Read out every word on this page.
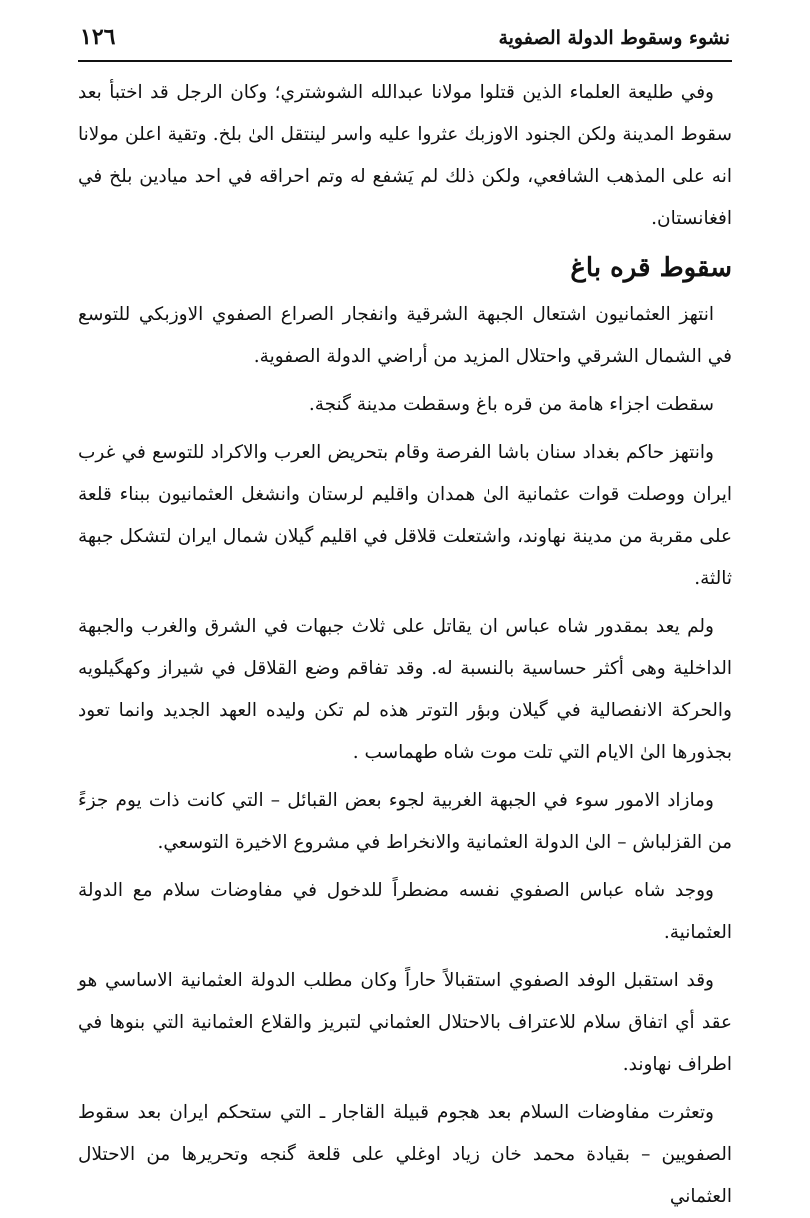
نشوء وسقوط الدولة الصفوية
١٢٦

وفي طليعة العلماء الذين قتلوا مولانا عبدالله الشوشتري؛ وكان الرجل قد اختبأ بعد سقوط المدينة ولكن الجنود الاوزبك عثروا عليه واسر لينتقل الىٰ بلخ. وتقية اعلن مولانا انه على المذهب الشافعي، ولكن ذلك لم يَشفع له وتم احراقه في احد ميادين بلخ في افغانستان.

سقوط قره باغ

انتهز العثمانيون اشتعال الجبهة الشرقية وانفجار الصراع الصفوي الاوزبكي للتوسع في الشمال الشرقي واحتلال المزيد من أراضي الدولة الصفوية.

سقطت اجزاء هامة من قره باغ وسقطت مدينة گنجة.

وانتهز حاكم بغداد سنان باشا الفرصة وقام بتحريض العرب والاكراد للتوسع في غرب ايران ووصلت قوات عثمانية الىٰ همدان واقليم لرستان وانشغل العثمانيون ببناء قلعة على مقربة من مدينة نهاوند، واشتعلت قلاقل في اقليم گيلان شمال ايران لتشكل جبهة ثالثة.

ولم يعد بمقدور شاه عباس ان يقاتل على ثلاث جبهات في الشرق والغرب والجبهة الداخلية وهى أكثر حساسية بالنسبة له. وقد تفاقم وضع القلاقل في شيراز وكهگيلويه والحركة الانفصالية في گيلان وبؤر التوتر هذه لم تكن وليده العهد الجديد وانما تعود بجذورها الىٰ الايام التي تلت موت شاه طهماسب .

ومازاد الامور سوء في الجبهة الغربية لجوء بعض القبائل – التي كانت ذات يوم جزءً من القزلباش – الىٰ الدولة العثمانية والانخراط في مشروع الاخيرة التوسعي.

ووجد شاه عباس الصفوي نفسه مضطراً للدخول في مفاوضات سلام مع الدولة العثمانية.

وقد استقبل الوفد الصفوي استقبالاً حاراً وكان مطلب الدولة العثمانية الاساسي هو عقد أي اتفاق سلام للاعتراف بالاحتلال العثماني لتبريز والقلاع العثمانية التي بنوها في اطراف نهاوند.

وتعثرت مفاوضات السلام بعد هجوم قبيلة القاجار ـ التي ستحكم ايران بعد سقوط الصفويين – بقيادة محمد خان زياد اوغلي على قلعة گنجه وتحريرها من الاحتلال العثماني
